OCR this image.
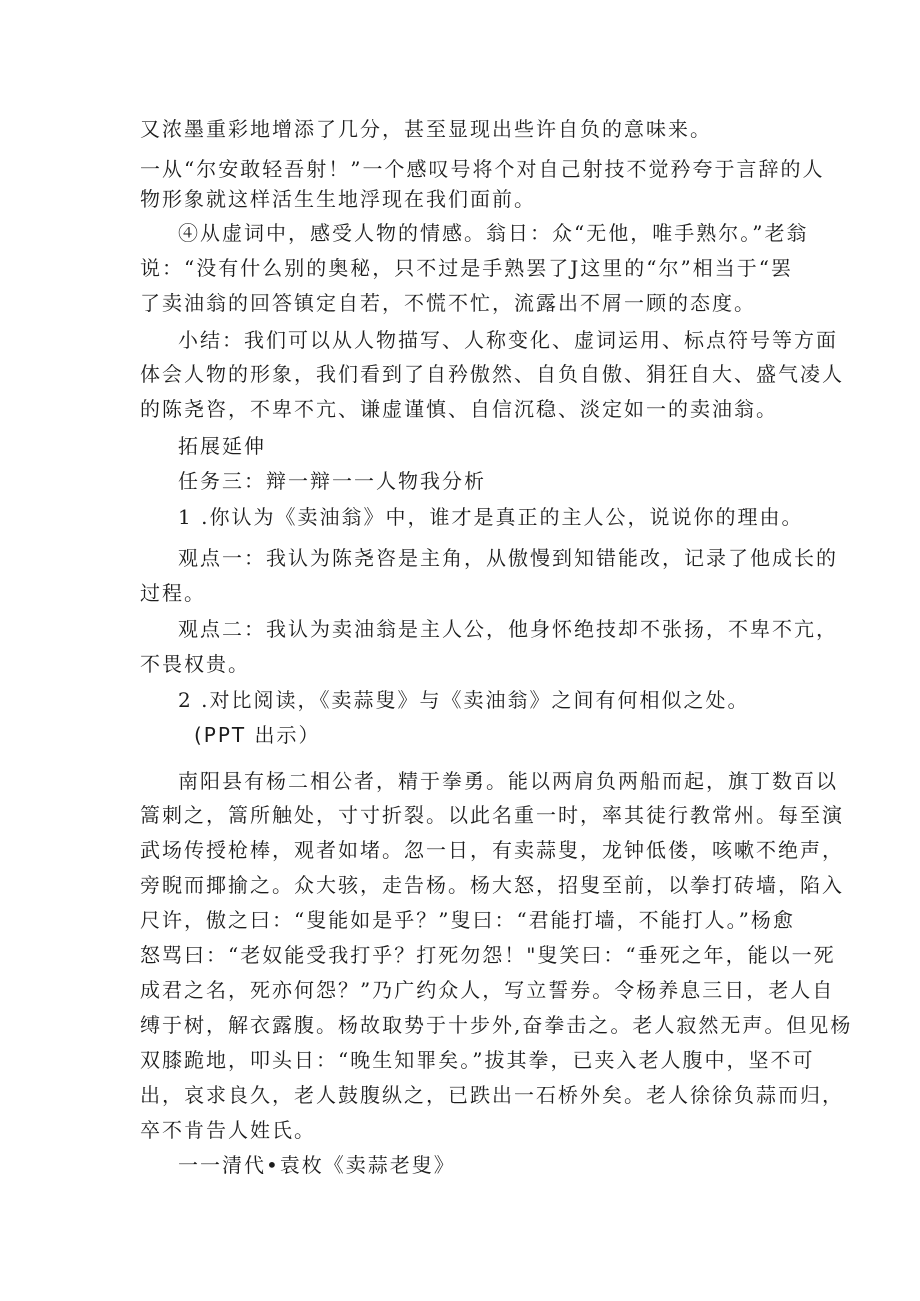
又浓墨重彩地增添了几分，甚至显现出些许自负的意味来。
一从“尔安敢轻吾射！”一个感叹号将个对自己射技不觉矜夸于言辞的人
物形象就这样活生生地浮现在我们面前。
④从虚词中，感受人物的情感。翁日：众“无他，唯手熟尔。”老翁
说：“没有什么别的奥秘，只不过是手熟罢了J这里的“尔”相当于“罢
了卖油翁的回答镇定自若，不慌不忙，流露出不屑一顾的态度。
小结：我们可以从人物描写、人称变化、虚词运用、标点符号等方面
体会人物的形象，我们看到了自矜傲然、自负自傲、狷狂自大、盛气凌人
的陈尧咨，不卑不亢、谦虚谨慎、自信沉稳、淡定如一的卖油翁。
拓展延伸
任务三：辩一辩一一人物我分析
1 .你认为《卖油翁》中，谁才是真正的主人公，说说你的理由。
观点一：我认为陈尧咨是主角，从傲慢到知错能改，记录了他成长的
过程。
观点二：我认为卖油翁是主人公，他身怀绝技却不张扬，不卑不亢，
不畏权贵。
2 .对比阅读，《卖蒜叟》与《卖油翁》之间有何相似之处。
(PPT 出示）
南阳县有杨二相公者，精于拳勇。能以两肩负两船而起，旗丁数百以
篙刺之，篙所触处，寸寸折裂。以此名重一时，率其徒行教常州。每至演
武场传授枪棒，观者如堵。忽一日，有卖蒜叟，龙钟低偻，咳嗽不绝声，
旁睨而揶揄之。众大骇，走告杨。杨大怒，招叟至前，以拳打砖墙，陷入
尺许，傲之曰：“叟能如是乎？”叟曰：“君能打墙，不能打人。”杨愈
怒骂曰：“老奴能受我打乎？打死勿怨！"叟笑曰：“垂死之年，能以一死
成君之名，死亦何怨？”乃广约众人，写立誓券。令杨养息三日，老人自
缚于树，解衣露腹。杨故取势于十步外,奋拳击之。老人寂然无声。但见杨
双膝跪地，叩头日：“晚生知罪矣。”拔其拳，已夹入老人腹中，坚不可
出，哀求良久，老人鼓腹纵之，已跌出一石桥外矣。老人徐徐负蒜而归，
卒不肯告人姓氏。
一一清代•袁枚《卖蒜老叟》
